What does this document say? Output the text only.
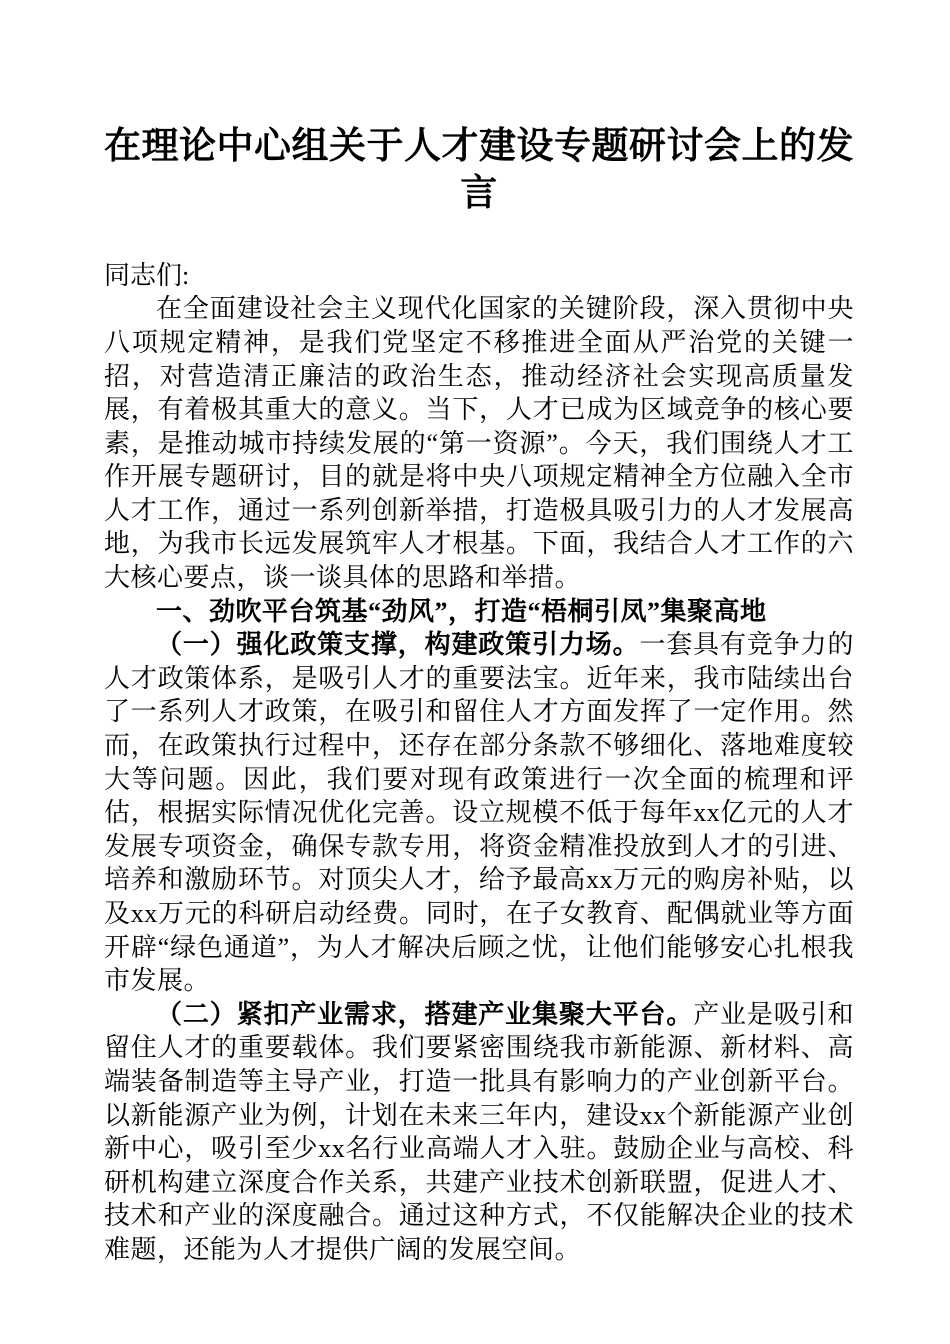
在理论中心组关于人才建设专题研讨会上的发言

同志们:

在全面建设社会主义现代化国家的关键阶段，深入贯彻中央八项规定精神，是我们党坚定不移推进全面从严治党的关键一招，对营造清正廉洁的政治生态，推动经济社会实现高质量发展，有着极其重大的意义。当下，人才已成为区域竞争的核心要素，是推动城市持续发展的“第一资源”。今天，我们围绕人才工作开展专题研讨，目的就是将中央八项规定精神全方位融入全市人才工作，通过一系列创新举措，打造极具吸引力的人才发展高地，为我市长远发展筑牢人才根基。下面，我结合人才工作的六大核心要点，谈一谈具体的思路和举措。

一、劲吹平台筑基“劲风”，打造“梧桐引凤”集聚高地

（一）强化政策支撑，构建政策引力场。一套具有竞争力的人才政策体系，是吸引人才的重要法宝。近年来，我市陆续出台了一系列人才政策，在吸引和留住人才方面发挥了一定作用。然而，在政策执行过程中，还存在部分条款不够细化、落地难度较大等问题。因此，我们要对现有政策进行一次全面的梳理和评估，根据实际情况优化完善。设立规模不低于每年xx亿元的人才发展专项资金，确保专款专用，将资金精准投放到人才的引进、培养和激励环节。对顶尖人才，给予最高xx万元的购房补贴，以及xx万元的科研启动经费。同时，在子女教育、配偶就业等方面开辟“绿色通道”，为人才解决后顾之忧，让他们能够安心扎根我市发展。

（二）紧扣产业需求，搭建产业集聚大平台。产业是吸引和留住人才的重要载体。我们要紧密围绕我市新能源、新材料、高端装备制造等主导产业，打造一批具有影响力的产业创新平台。以新能源产业为例，计划在未来三年内，建设xx个新能源产业创新中心，吸引至少xx名行业高端人才入驻。鼓励企业与高校、科研机构建立深度合作关系，共建产业技术创新联盟，促进人才、技术和产业的深度融合。通过这种方式，不仅能解决企业的技术难题，还能为人才提供广阔的发展空间。
